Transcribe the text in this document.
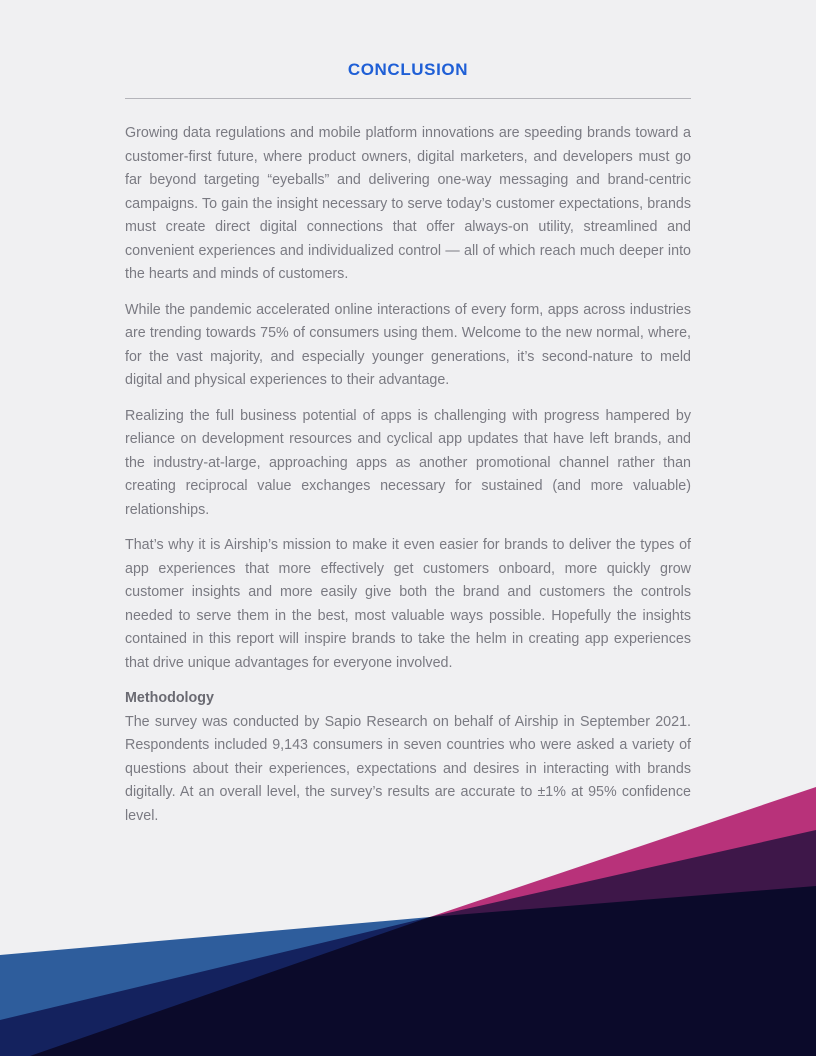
CONCLUSION

Growing data regulations and mobile platform innovations are speeding brands toward a customer-first future, where product owners, digital marketers, and developers must go far beyond targeting “eyeballs” and delivering one-way messaging and brand-centric campaigns. To gain the insight necessary to serve today’s customer expectations, brands must create direct digital connections that offer always-on utility, streamlined and convenient experiences and individualized control — all of which reach much deeper into the hearts and minds of customers.

While the pandemic accelerated online interactions of every form, apps across industries are trending towards 75% of consumers using them. Welcome to the new normal, where, for the vast majority, and especially younger generations, it’s second-nature to meld digital and physical experiences to their advantage.

Realizing the full business potential of apps is challenging with progress hampered by reliance on development resources and cyclical app updates that have left brands, and the industry-at-large, approaching apps as another promotional channel rather than creating reciprocal value exchanges necessary for sustained (and more valuable) relationships.

That’s why it is Airship’s mission to make it even easier for brands to deliver the types of app experiences that more effectively get customers onboard, more quickly grow customer insights and more easily give both the brand and customers the controls needed to serve them in the best, most valuable ways possible. Hopefully the insights contained in this report will inspire brands to take the helm in creating app experiences that drive unique advantages for everyone involved.

Methodology

The survey was conducted by Sapio Research on behalf of Airship in September 2021. Respondents included 9,143 consumers in seven countries who were asked a variety of questions about their experiences, expectations and desires in interacting with brands digitally. At an overall level, the survey’s results are accurate to ±1% at 95% confidence level.
